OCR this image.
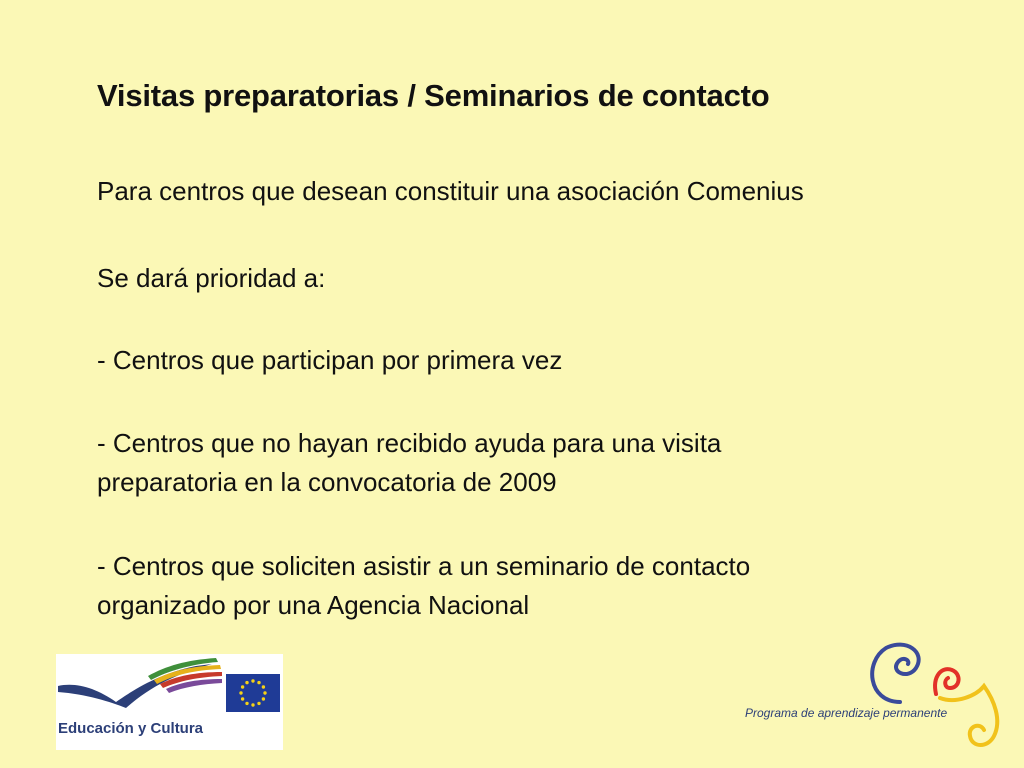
Visitas preparatorias / Seminarios de contacto

Para centros que desean constituir una asociación Comenius

Se dará prioridad a:

- Centros que participan por primera vez
- Centros que no hayan recibido ayuda para una visita
preparatoria en la convocatoria de 2009
- Centros que soliciten asistir a un seminario de contacto
organizado por una Agencia Nacional
Educación y Cultura
Programa de aprendizaje permanente
